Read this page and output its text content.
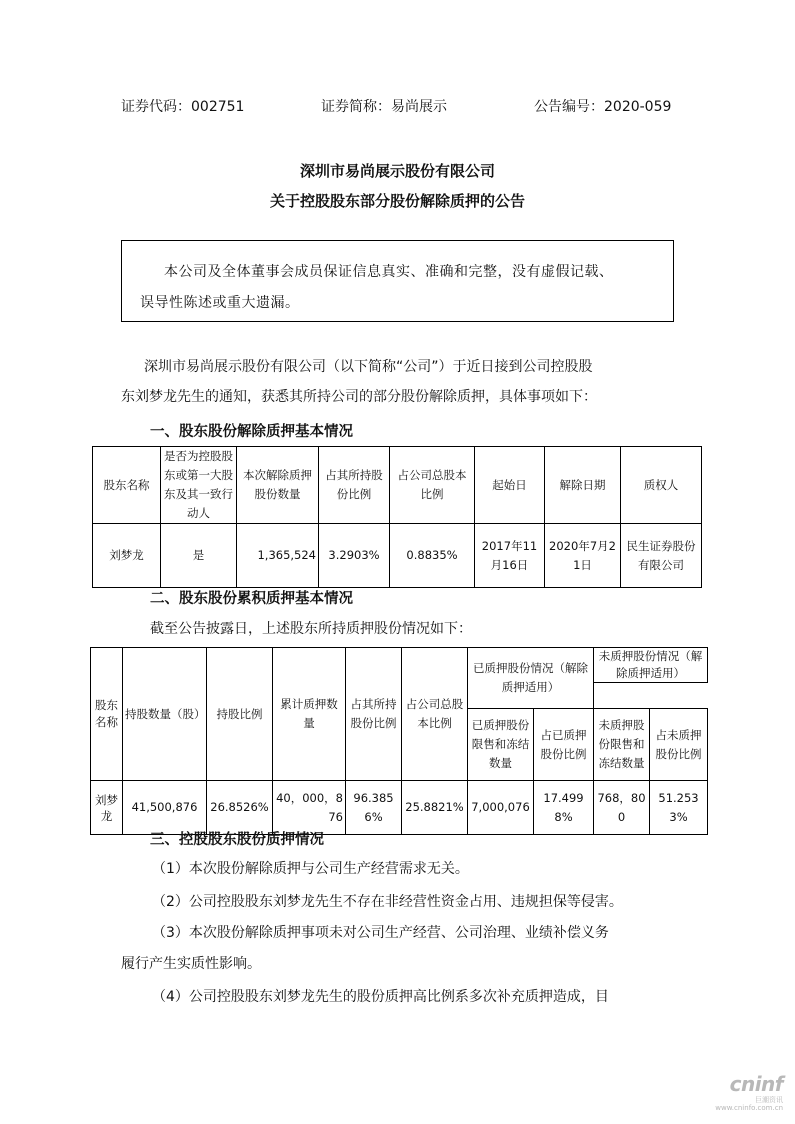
证券代码：002751	证券简称：易尚展示	公告编号：2020-059
深圳市易尚展示股份有限公司
关于控股股东部分股份解除质押的公告

本公司及全体董事会成员保证信息真实、准确和完整，没有虚假记载、

误导性陈述或重大遗漏。

深圳市易尚展示股份有限公司（以下简称“公司”）于近日接到公司控股股
东刘梦龙先生的通知，获悉其所持公司的部分股份解除质押，具体事项如下：
一、股东股份解除质押基本情况
股东名称	是否为控股股东或第一大股东及其一致行动人	本次解除质押股份数量	占其所持股份比例	占公司总股本比例	起始日	解除日期	质权人
刘梦龙	是	1,365,524	3.2903%	0.8835%	2017年11月16日	2020年7月21日	民生证券股份有限公司
二、股东股份累积质押基本情况
截至公告披露日，上述股东所持质押股份情况如下：
股东名称	持股数量（股）	持股比例	累计质押数量	占其所持股份比例	占公司总股本比例	已质押股份情况（解除质押适用）		未质押股份情况（解除质押适用）	

						已质押股份限售和冻结数量	占已质押股份比例	未质押股份限售和冻结数量	占未质押股份比例
刘梦龙	41,500,876	26.8526%	40，000，876	96.3856%	25.8821%	7,000,076	17.4998%	768，800	51.2533%
三、控股股东股份质押情况
（1）本次股份解除质押与公司生产经营需求无关。
（2）公司控股股东刘梦龙先生不存在非经营性资金占用、违规担保等侵害。
（3）本次股份解除质押事项未对公司生产经营、公司治理、业绩补偿义务
履行产生实质性影响。
（4）公司控股股东刘梦龙先生的股份质押高比例系多次补充质押造成，目
cninf
巨潮资讯
www.cninfo.com.cn
